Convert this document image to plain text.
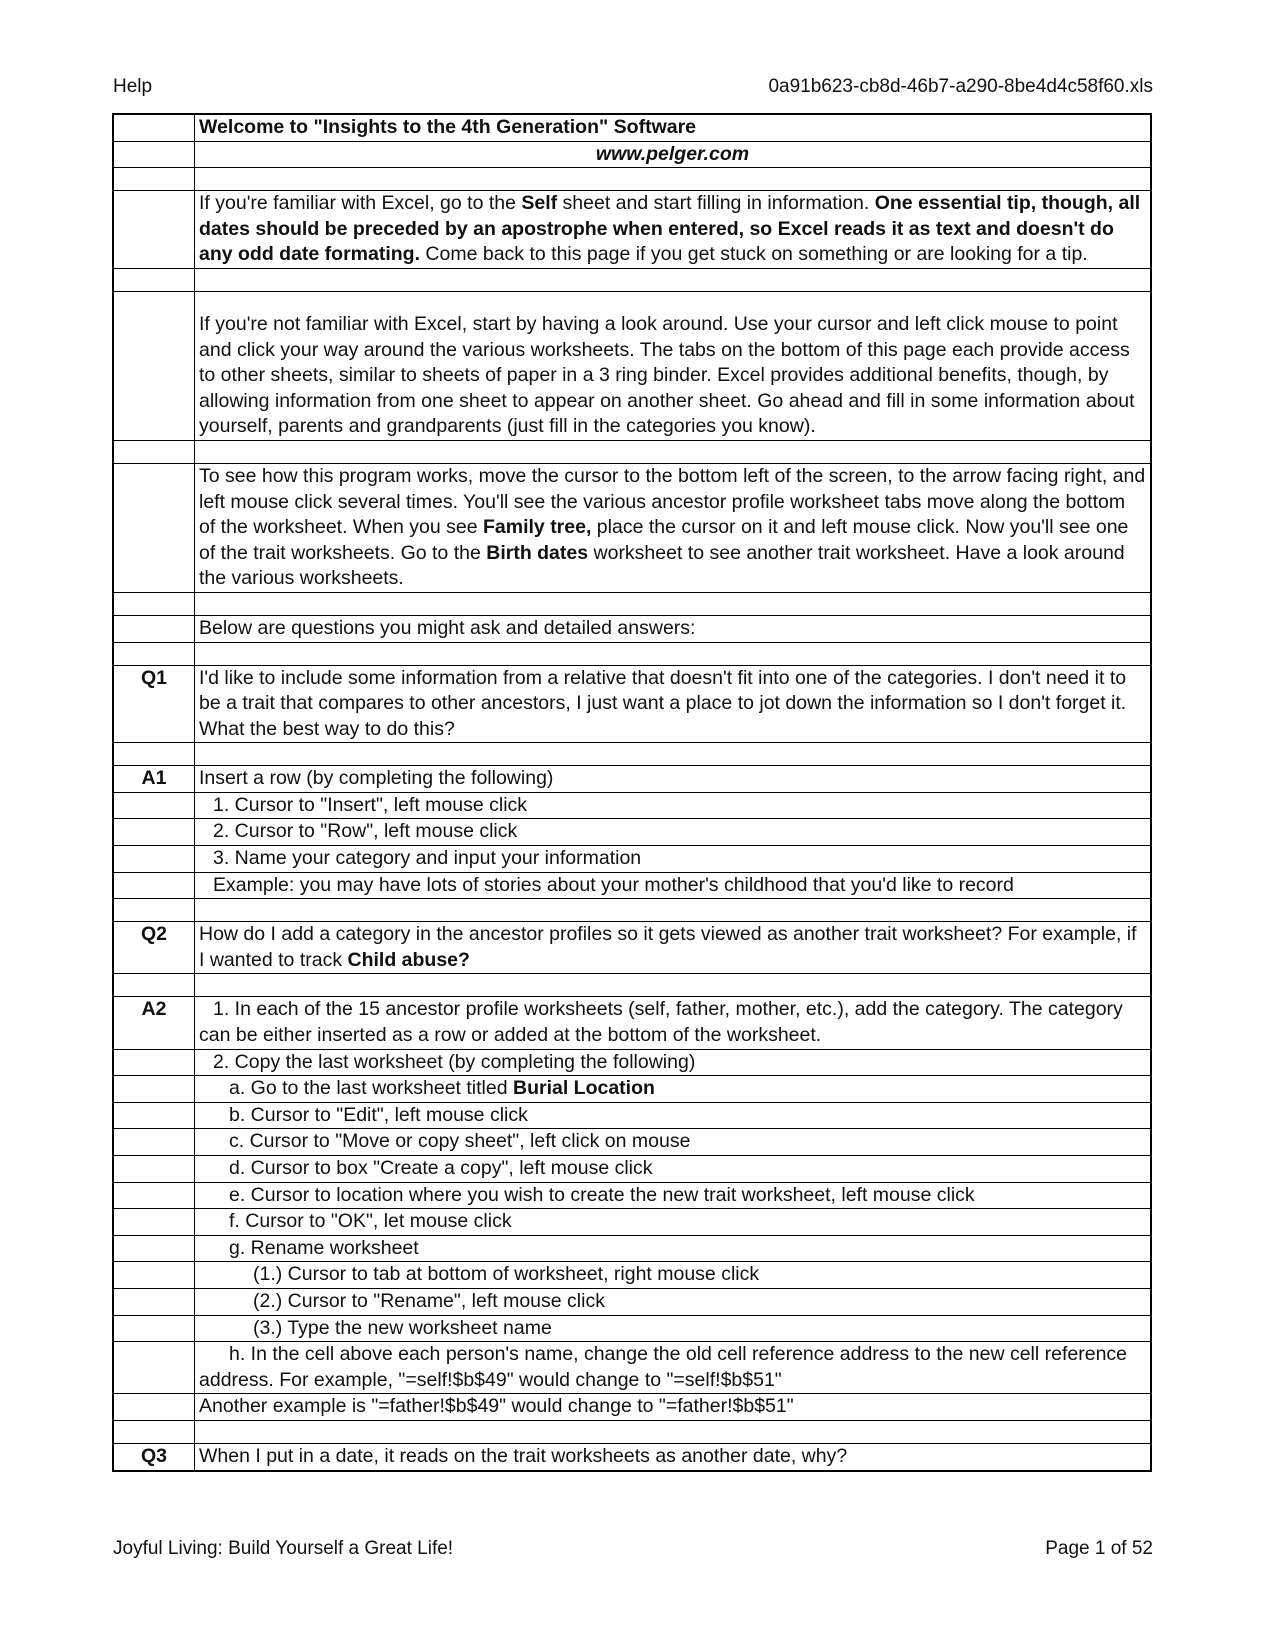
Help	0a91b623-cb8d-46b7-a290-8be4d4c58f60.xls
	Welcome to "Insights to the 4th Generation" Software
	www.pelger.com

	If you're familiar with Excel, go to the Self sheet and start filling in information. One essential tip, though, all dates should be preceded by an apostrophe when entered, so Excel reads it as text and doesn't do any odd date formating. Come back to this page if you get stuck on something or are looking for a tip.

	If you're not familiar with Excel, start by having a look around. Use your cursor and left click mouse to point and click your way around the various worksheets. The tabs on the bottom of this page each provide access to other sheets, similar to sheets of paper in a 3 ring binder. Excel provides additional benefits, though, by allowing information from one sheet to appear on another sheet. Go ahead and fill in some information about yourself, parents and grandparents (just fill in the categories you know).

	To see how this program works, move the cursor to the bottom left of the screen, to the arrow facing right, and left mouse click several times. You'll see the various ancestor profile worksheet tabs move along the bottom of the worksheet. When you see Family tree, place the cursor on it and left mouse click. Now you'll see one of the trait worksheets. Go to the Birth dates worksheet to see another trait worksheet. Have a look around the various worksheets.

	Below are questions you might ask and detailed answers:

Q1	I'd like to include some information from a relative that doesn't fit into one of the categories. I don't need it to be a trait that compares to other ancestors, I just want a place to jot down the information so I don't forget it. What the best way to do this?

A1	Insert a row (by completing the following)
	1. Cursor to "Insert", left mouse click
	2. Cursor to "Row", left mouse click
	3. Name your category and input your information
	Example: you may have lots of stories about your mother's childhood that you'd like to record

Q2	How do I add a category in the ancestor profiles so it gets viewed as another trait worksheet? For example, if I wanted to track Child abuse?

A2	1. In each of the 15 ancestor profile worksheets (self, father, mother, etc.), add the category. The category can be either inserted as a row or added at the bottom of the worksheet.
	2. Copy the last worksheet (by completing the following)
	a. Go to the last worksheet titled Burial Location
	b. Cursor to "Edit", left mouse click
	c. Cursor to "Move or copy sheet", left click on mouse
	d. Cursor to box "Create a copy", left mouse click
	e. Cursor to location where you wish to create the new trait worksheet, left mouse click
	f. Cursor to "OK", let mouse click
	g. Rename worksheet
	(1.) Cursor to tab at bottom of worksheet, right mouse click
	(2.) Cursor to "Rename", left mouse click
	(3.) Type the new worksheet name
	h. In the cell above each person's name, change the old cell reference address to the new cell reference address. For example, "=self!$b$49" would change to "=self!$b$51"
	Another example is "=father!$b$49" would change to "=father!$b$51"

Q3	When I put in a date, it reads on the trait worksheets as another date, why?
Joyful Living: Build Yourself a Great Life!	Page 1 of 52
